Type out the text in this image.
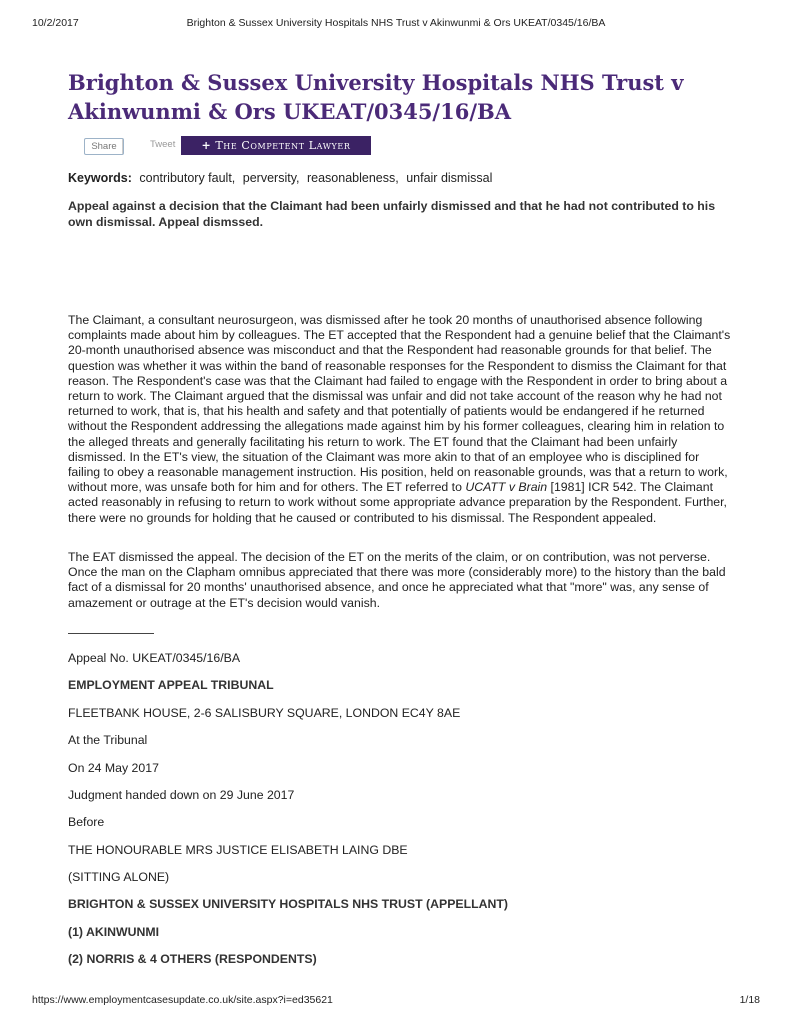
10/2/2017	Brighton & Sussex University Hospitals NHS Trust v Akinwunmi & Ors UKEAT/0345/16/BA
Brighton & Sussex University Hospitals NHS Trust v Akinwunmi & Ors UKEAT/0345/16/BA
Share	Tweet	+ The Competent Lawyer
Keywords: contributory fault, perversity, reasonableness, unfair dismissal

Appeal against a decision that the Claimant had been unfairly dismissed and that he had not contributed to his own dismissal. Appeal dismssed.

The Claimant, a consultant neurosurgeon, was dismissed after he took 20 months of unauthorised absence following complaints made about him by colleagues. The ET accepted that the Respondent had a genuine belief that the Claimant's 20-month unauthorised absence was misconduct and that the Respondent had reasonable grounds for that belief. The question was whether it was within the band of reasonable responses for the Respondent to dismiss the Claimant for that reason. The Respondent's case was that the Claimant had failed to engage with the Respondent in order to bring about a return to work. The Claimant argued that the dismissal was unfair and did not take account of the reason why he had not returned to work, that is, that his health and safety and that potentially of patients would be endangered if he returned without the Respondent addressing the allegations made against him by his former colleagues, clearing him in relation to the alleged threats and generally facilitating his return to work. The ET found that the Claimant had been unfairly dismissed. In the ET's view, the situation of the Claimant was more akin to that of an employee who is disciplined for failing to obey a reasonable management instruction. His position, held on reasonable grounds, was that a return to work, without more, was unsafe both for him and for others. The ET referred to UCATT v Brain [1981] ICR 542. The Claimant acted reasonably in refusing to return to work without some appropriate advance preparation by the Respondent. Further, there were no grounds for holding that he caused or contributed to his dismissal. The Respondent appealed.

The EAT dismissed the appeal. The decision of the ET on the merits of the claim, or on contribution, was not perverse. Once the man on the Clapham omnibus appreciated that there was more (considerably more) to the history than the bald fact of a dismissal for 20 months' unauthorised absence, and once he appreciated what that "more" was, any sense of amazement or outrage at the ET's decision would vanish.

Appeal No. UKEAT/0345/16/BA

EMPLOYMENT APPEAL TRIBUNAL

FLEETBANK HOUSE, 2-6 SALISBURY SQUARE, LONDON EC4Y 8AE

At the Tribunal

On 24 May 2017

Judgment handed down on 29 June 2017

Before

THE HONOURABLE MRS JUSTICE ELISABETH LAING DBE

(SITTING ALONE)

BRIGHTON & SUSSEX UNIVERSITY HOSPITALS NHS TRUST (APPELLANT)

(1) AKINWUNMI

(2) NORRIS & 4 OTHERS (RESPONDENTS)

https://www.employmentcasesupdate.co.uk/site.aspx?i=ed35621	1/18
